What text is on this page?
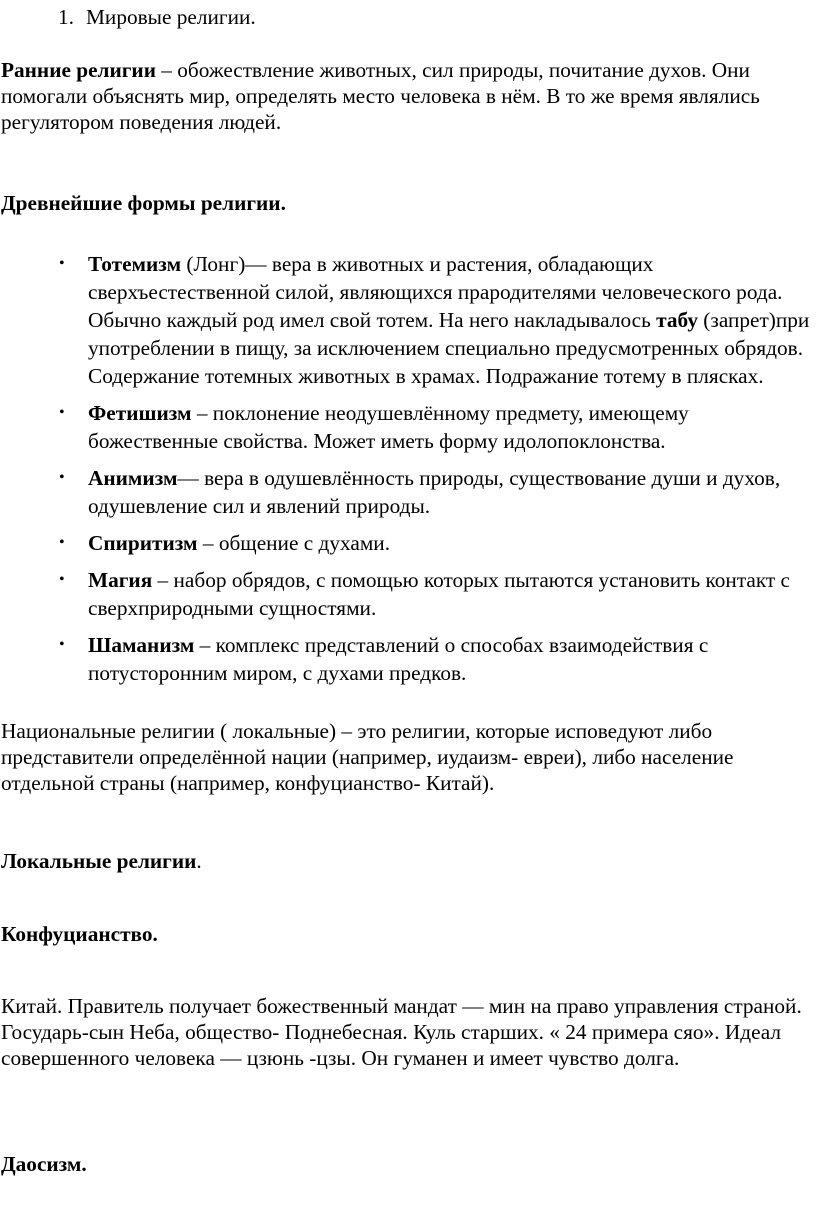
1. Мировые религии.

Ранние религии – обожествление животных, сил природы, почитание духов. Они помогали объяснять мир, определять место человека в нём. В то же время являлись регулятором поведения людей.

Древнейшие формы религии.

• Тотемизм (Лонг)— вера в животных и растения, обладающих сверхъестественной силой, являющихся прародителями человеческого рода. Обычно каждый род имел свой тотем. На него накладывалось табу (запрет)при употреблении в пищу, за исключением специально предусмотренных обрядов. Содержание тотемных животных в храмах. Подражание тотему в плясках.
• Фетишизм – поклонение неодушевлённому предмету, имеющему божественные свойства. Может иметь форму идолопоклонства.
• Анимизм— вера в одушевлённость природы, существование души и духов, одушевление сил и явлений природы.
• Спиритизм – общение с духами.
• Магия – набор обрядов, с помощью которых пытаются установить контакт с сверхприродными сущностями.
• Шаманизм – комплекс представлений о способах взаимодействия с потусторонним миром, с духами предков.

Национальные религии ( локальные) – это религии, которые исповедуют либо представители определённой нации (например, иудаизм- евреи), либо население отдельной страны (например, конфуцианство- Китай).

Локальные религии.

Конфуцианство.

Китай. Правитель получает божественный мандат — мин на право управления страной. Государь-сын Неба, общество- Поднебесная. Куль старших. « 24 примера сяо». Идеал совершенного человека — цзюнь -цзы. Он гуманен и имеет чувство долга.

Даосизм.
